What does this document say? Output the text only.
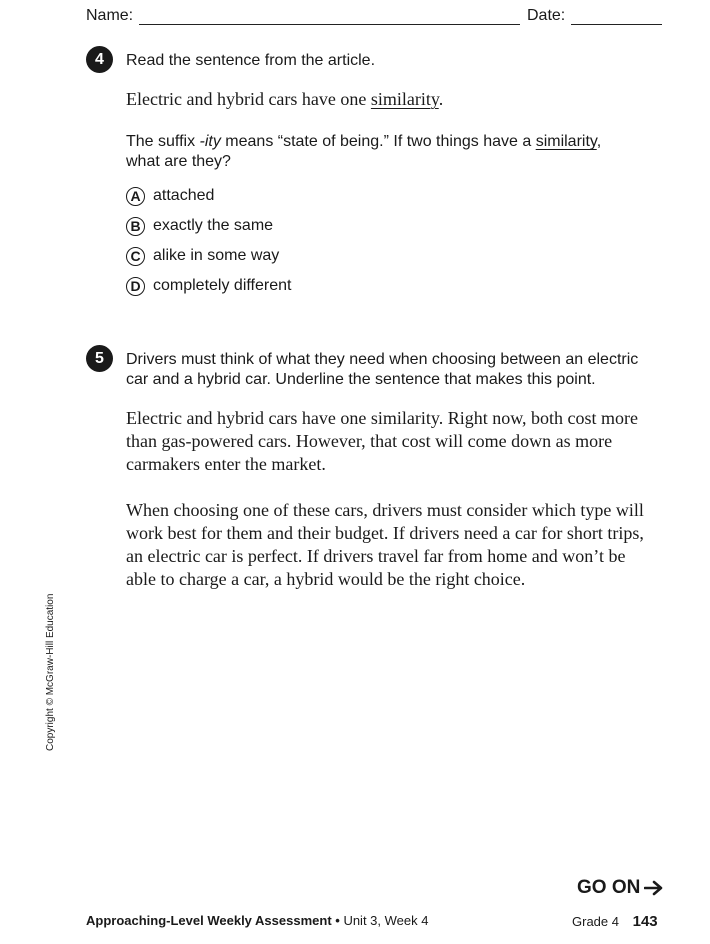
Name:	Date:
4	Read the sentence from the article.
Electric and hybrid cars have one similarity.
The suffix -ity means “state of being.” If two things have a similarity,
what are they?
A attached
B exactly the same
C alike in some way
D completely different
5	Drivers must think of what they need when choosing between an electric
car and a hybrid car. Underline the sentence that makes this point.
Electric and hybrid cars have one similarity. Right now, both cost more
than gas-powered cars. However, that cost will come down as more
carmakers enter the market.
When choosing one of these cars, drivers must consider which type will
work best for them and their budget. If drivers need a car for short trips,
an electric car is perfect. If drivers travel far from home and won’t be
able to charge a car, a hybrid would be the right choice.
Copyright © McGraw-Hill Education
GO ON
Approaching-Level Weekly Assessment • Unit 3, Week 4	Grade 4 143
